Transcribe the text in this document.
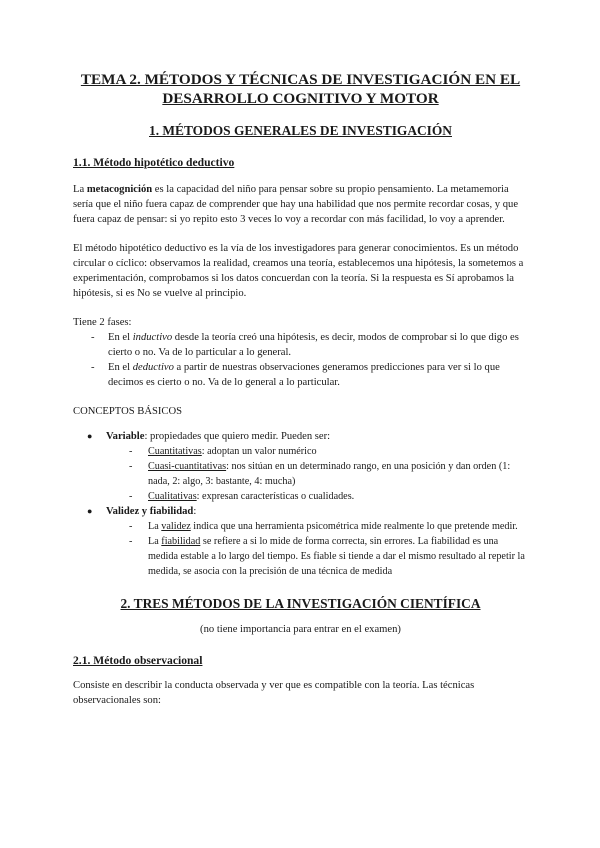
TEMA 2. MÉTODOS Y TÉCNICAS DE INVESTIGACIÓN EN EL
DESARROLLO COGNITIVO Y MOTOR
1. MÉTODOS GENERALES DE INVESTIGACIÓN
1.1. Método hipotético deductivo

La metacognición es la capacidad del niño para pensar sobre su propio pensamiento. La metamemoria sería que el niño fuera capaz de comprender que hay una habilidad que nos permite recordar cosas, y que fuera capaz de pensar: si yo repito esto 3 veces lo voy a recordar con más facilidad, lo voy a aprender.

El método hipotético deductivo es la vía de los investigadores para generar conocimientos. Es un método circular o cíclico: observamos la realidad, creamos una teoría, establecemos una hipótesis, la sometemos a experimentación, comprobamos si los datos concuerdan con la teoría. Si la respuesta es Sí aprobamos la hipótesis, si es No se vuelve al principio.

Tiene 2 fases:

- En el inductivo desde la teoría creó una hipótesis, es decir, modos de comprobar si lo que digo es cierto o no. Va de lo particular a lo general.
- En el deductivo a partir de nuestras observaciones generamos predicciones para ver si lo que decimos es cierto o no. Va de lo general a lo particular.

CONCEPTOS BÁSICOS

● Variable: propiedades que quiero medir. Pueden ser:
- Cuantitativas: adoptan un valor numérico
- Cuasi-cuantitativas: nos sitúan en un determinado rango, en una posición y dan orden (1: nada, 2: algo, 3: bastante, 4: mucha)
- Cualitativas: expresan características o cualidades.
● Validez y fiabilidad:
- La validez indica que una herramienta psicométrica mide realmente lo que pretende medir.
- La fiabilidad se refiere a si lo mide de forma correcta, sin errores. La fiabilidad es una medida estable a lo largo del tiempo. Es fiable si tiende a dar el mismo resultado al repetir la medida, se asocia con la precisión de una técnica de medida
2. TRES MÉTODOS DE LA INVESTIGACIÓN CIENTÍFICA

(no tiene importancia para entrar en el examen)

2.1. Método observacional

Consiste en describir la conducta observada y ver que es compatible con la teoría. Las técnicas observacionales son:
